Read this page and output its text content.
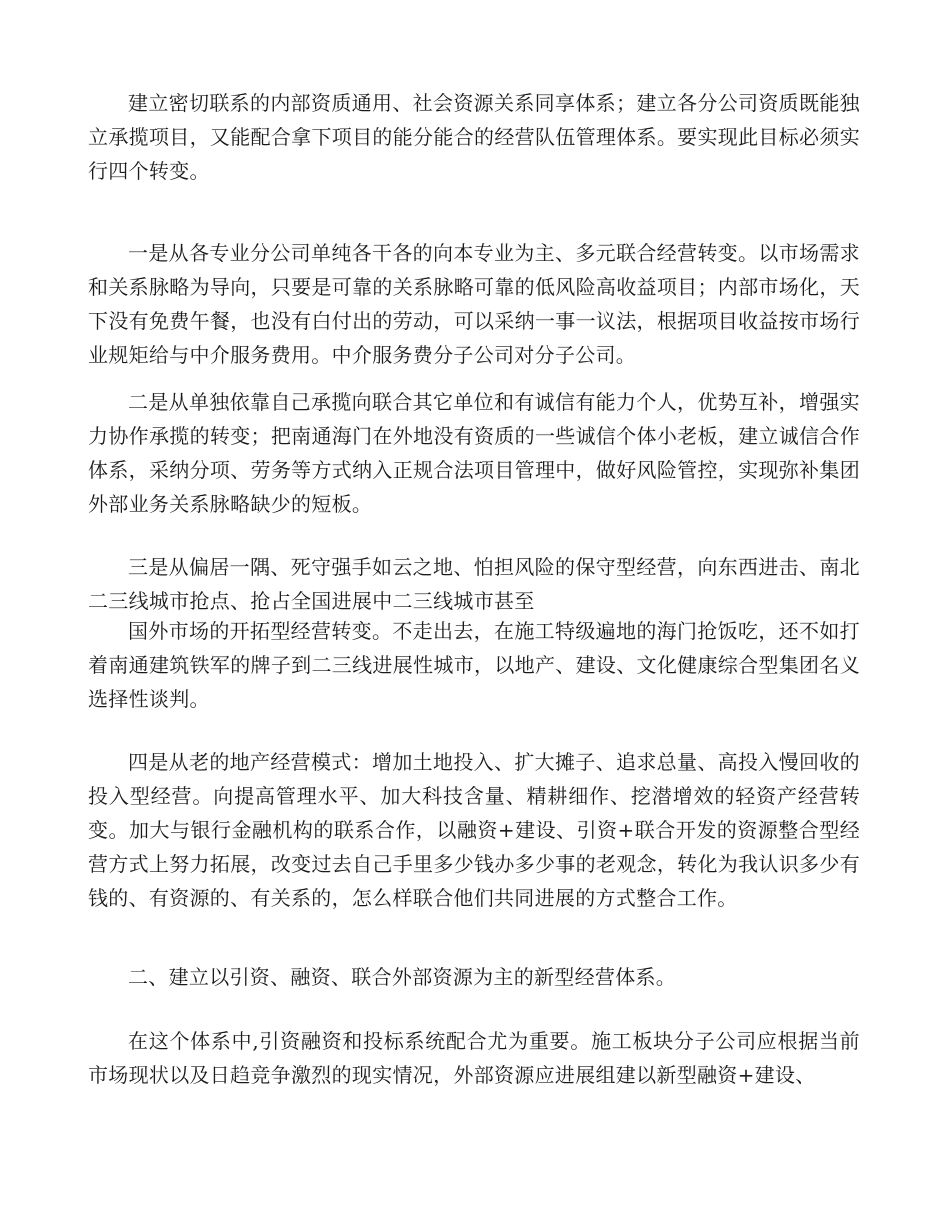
建立密切联系的内部资质通用、社会资源关系同享体系；建立各分公司资质既能独立承揽项目，又能配合拿下项目的能分能合的经营队伍管理体系。要实现此目标必须实行四个转变。

一是从各专业分公司单纯各干各的向本专业为主、多元联合经营转变。以市场需求和关系脉略为导向，只要是可靠的关系脉略可靠的低风险高收益项目；内部市场化，天下没有免费午餐，也没有白付出的劳动，可以采纳一事一议法，根据项目收益按市场行业规矩给与中介服务费用。中介服务费分子公司对分子公司。

二是从单独依靠自己承揽向联合其它单位和有诚信有能力个人，优势互补，增强实力协作承揽的转变；把南通海门在外地没有资质的一些诚信个体小老板，建立诚信合作体系，采纳分项、劳务等方式纳入正规合法项目管理中，做好风险管控，实现弥补集团外部业务关系脉略缺少的短板。

三是从偏居一隅、死守强手如云之地、怕担风险的保守型经营，向东西进击、南北二三线城市抢点、抢占全国进展中二三线城市甚至

国外市场的开拓型经营转变。不走出去，在施工特级遍地的海门抢饭吃，还不如打着南通建筑铁军的牌子到二三线进展性城市，以地产、建设、文化健康综合型集团名义选择性谈判。

四是从老的地产经营模式：增加土地投入、扩大摊子、追求总量、高投入慢回收的投入型经营。向提高管理水平、加大科技含量、精耕细作、挖潜增效的轻资产经营转变。加大与银行金融机构的联系合作，以融资+建设、引资+联合开发的资源整合型经营方式上努力拓展，改变过去自己手里多少钱办多少事的老观念，转化为我认识多少有钱的、有资源的、有关系的，怎么样联合他们共同进展的方式整合工作。

二、建立以引资、融资、联合外部资源为主的新型经营体系。

在这个体系中,引资融资和投标系统配合尤为重要。施工板块分子公司应根据当前市场现状以及日趋竞争激烈的现实情况，外部资源应进展组建以新型融资+建设、
